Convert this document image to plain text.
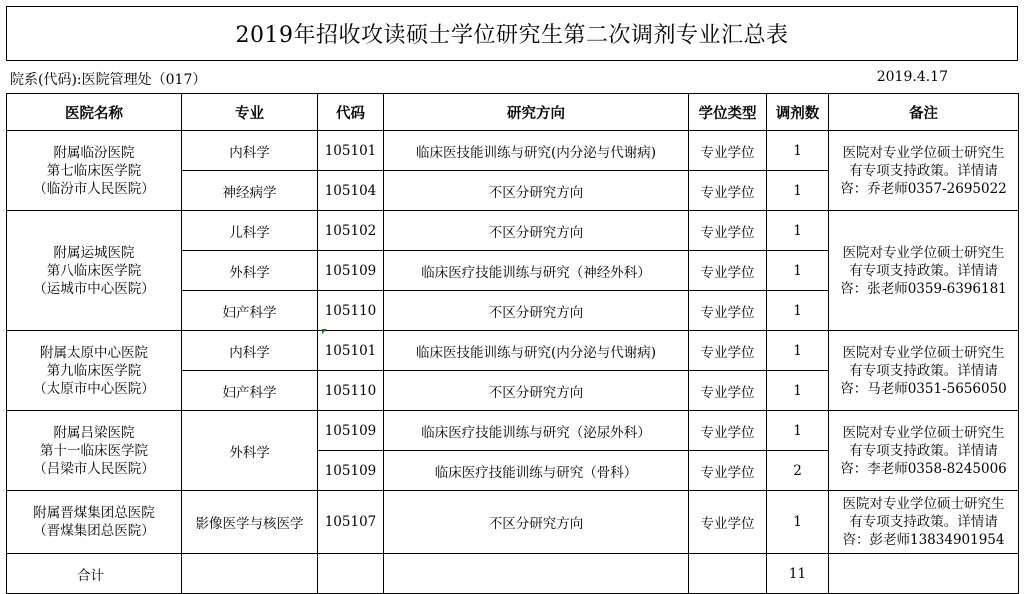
2019年招收攻读硕士学位研究生第二次调剂专业汇总表
院系(代码):医院管理处（017）	2019.4.17
医院名称	专业	代码	研究方向	学位类型	调剂数	备注

附属临汾医院
第七临床医学院
（临汾市人民医院）	内科学	105101	临床医技能训练与研究(内分泌与代谢病)	专业学位	1	医院对专业学位硕士研究生
有专项支持政策。详情请
咨：乔老师0357-2695022

	神经病学	105104	不区分研究方向	专业学位	1	

附属运城医院
第八临床医学院
（运城市中心医院）	儿科学	105102	不区分研究方向	专业学位	1	医院对专业学位硕士研究生
有专项支持政策。详情请
咨：张老师0359-6396181

	外科学	105109	临床医疗技能训练与研究（神经外科）	专业学位	1	
	妇产科学	105110	不区分研究方向	专业学位	1	

附属太原中心医院
第九临床医学院
（太原市中心医院）	内科学	105101	临床医技能训练与研究(内分泌与代谢病)	专业学位	1	医院对专业学位硕士研究生
有专项支持政策。详情请
咨：马老师0351-5656050

	妇产科学	105110	不区分研究方向	专业学位	1	

附属吕梁医院
第十一临床医学院
（吕梁市人民医院）	外科学	105109	临床医疗技能训练与研究（泌尿外科）	专业学位	1	医院对专业学位硕士研究生
有专项支持政策。详情请
咨：李老师0358-8245006

		105109	临床医疗技能训练与研究（骨科）	专业学位	2	

附属晋煤集团总医院
（晋煤集团总医院）	影像医学与核医学	105107	不区分研究方向	专业学位	1	医院对专业学位硕士研究生
有专项支持政策。详情请
咨：彭老师13834901954

合计					11	
